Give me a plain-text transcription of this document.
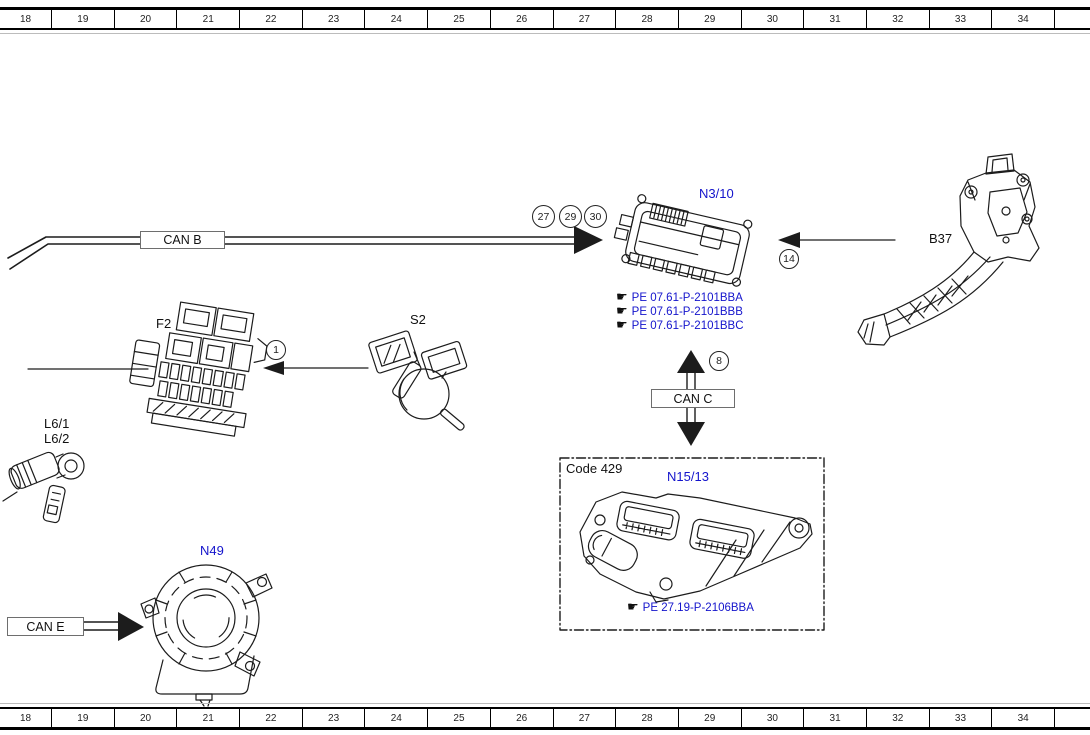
18	19	20	21	22	23	24	25	26	27	28	29	30	31	32	33	34
18	19	20	21	22	23	24	25	26	27	28	29	30	31	32	33	34
CAN B
CAN C
CAN E
N3/10
B37
F2	S2
L6/1
L6/2
N49
N15/13
Code 429
27	29	30
14
1
8
☛ PE 07.61-P-2101BBA
☛ PE 07.61-P-2101BBB
☛ PE 07.61-P-2101BBC
☛ PE 27.19-P-2106BBA
